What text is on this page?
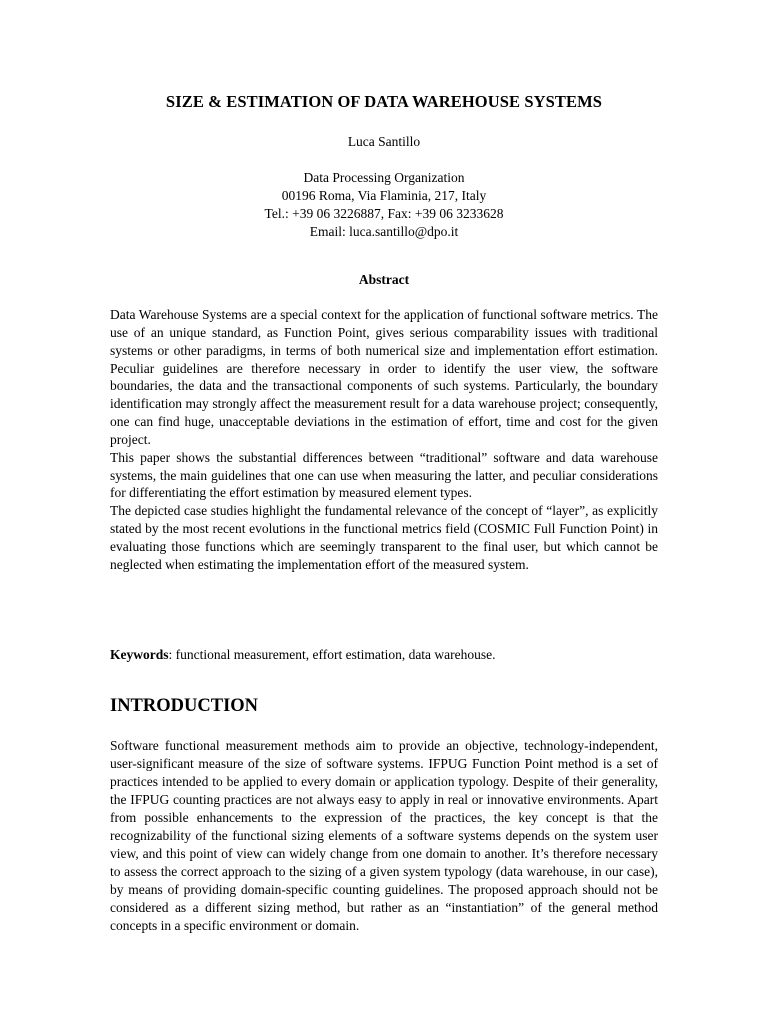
SIZE & ESTIMATION OF DATA WAREHOUSE SYSTEMS
Luca Santillo
Data Processing Organization
00196 Roma, Via Flaminia, 217, Italy
Tel.: +39 06 3226887, Fax: +39 06 3233628
Email: luca.santillo@dpo.it
Abstract

Data Warehouse Systems are a special context for the application of functional software metrics. The use of an unique standard, as Function Point, gives serious comparability issues with traditional systems or other paradigms, in terms of both numerical size and implementation effort estimation. Peculiar guidelines are therefore necessary in order to identify the user view, the software boundaries, the data and the transactional components of such systems. Particularly, the boundary identification may strongly affect the measurement result for a data warehouse project; consequently, one can find huge, unacceptable deviations in the estimation of effort, time and cost for the given project.

This paper shows the substantial differences between “traditional” software and data warehouse systems, the main guidelines that one can use when measuring the latter, and peculiar considerations for differentiating the effort estimation by measured element types.

The depicted case studies highlight the fundamental relevance of the concept of “layer”, as explicitly stated by the most recent evolutions in the functional metrics field (COSMIC Full Function Point) in evaluating those functions which are seemingly transparent to the final user, but which cannot be neglected when estimating the implementation effort of the measured system.

Keywords: functional measurement, effort estimation, data warehouse.
INTRODUCTION

Software functional measurement methods aim to provide an objective, technology-independent, user-significant measure of the size of software systems. IFPUG Function Point method is a set of practices intended to be applied to every domain or application typology. Despite of their generality, the IFPUG counting practices are not always easy to apply in real or innovative environments. Apart from possible enhancements to the expression of the practices, the key concept is that the recognizability of the functional sizing elements of a software systems depends on the system user view, and this point of view can widely change from one domain to another. It’s therefore necessary to assess the correct approach to the sizing of a given system typology (data warehouse, in our case), by means of providing domain-specific counting guidelines. The proposed approach should not be considered as a different sizing method, but rather as an “instantiation” of the general method concepts in a specific environment or domain.
